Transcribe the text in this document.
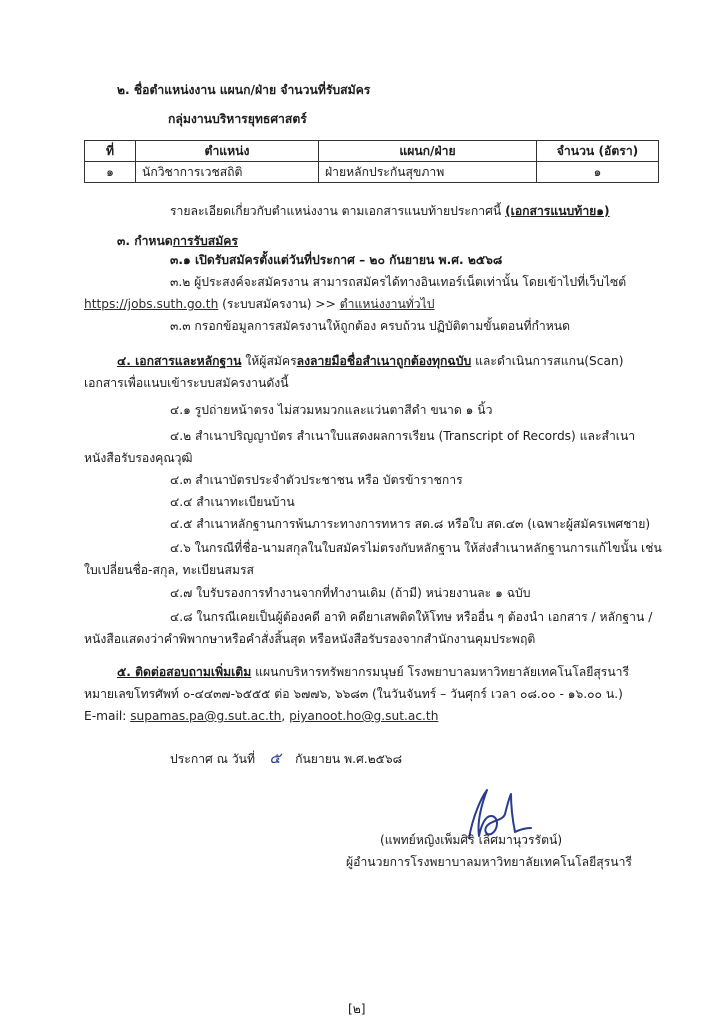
๒. ชื่อตำแหน่งงาน แผนก/ฝ่าย จำนวนที่รับสมัคร
กลุ่มงานบริหารยุทธศาสตร์
ที่	ตำแหน่ง	แผนก/ฝ่าย	จำนวน (อัตรา)
๑	นักวิชาการเวชสถิติ	ฝ่ายหลักประกันสุขภาพ	๑
รายละเอียดเกี่ยวกับตำแหน่งงาน ตามเอกสารแนบท้ายประกาศนี้ (เอกสารแนบท้าย๑)
๓. กำหนดการรับสมัคร
๓.๑ เปิดรับสมัครตั้งแต่วันที่ประกาศ – ๒๐ กันยายน พ.ศ. ๒๕๖๘
๓.๒ ผู้ประสงค์จะสมัครงาน สามารถสมัครได้ทางอินเทอร์เน็ตเท่านั้น โดยเข้าไปที่เว็บไซต์
https://jobs.suth.go.th (ระบบสมัครงาน) >> ตำแหน่งงานทั่วไป
๓.๓ กรอกข้อมูลการสมัครงานให้ถูกต้อง ครบถ้วน ปฏิบัติตามขั้นตอนที่กำหนด
๔. เอกสารและหลักฐาน ให้ผู้สมัครลงลายมือชื่อสำเนาถูกต้องทุกฉบับ และดำเนินการสแกน(Scan)
เอกสารเพื่อแนบเข้าระบบสมัครงานดังนี้
๔.๑ รูปถ่ายหน้าตรง ไม่สวมหมวกและแว่นตาสีดำ ขนาด ๑ นิ้ว
๔.๒ สำเนาปริญญาบัตร สำเนาใบแสดงผลการเรียน (Transcript of Records) และสำเนา
หนังสือรับรองคุณวุฒิ
๔.๓ สำเนาบัตรประจำตัวประชาชน หรือ บัตรข้าราชการ
๔.๔ สำเนาทะเบียนบ้าน
๔.๕ สำเนาหลักฐานการพ้นภาระทางการทหาร สด.๘ หรือใบ สด.๔๓ (เฉพาะผู้สมัครเพศชาย)
๔.๖ ในกรณีที่ชื่อ-นามสกุลในใบสมัครไม่ตรงกับหลักฐาน ให้ส่งสำเนาหลักฐานการแก้ไขนั้น เช่น
ใบเปลี่ยนชื่อ-สกุล, ทะเบียนสมรส
๔.๗ ใบรับรองการทำงานจากที่ทำงานเดิม (ถ้ามี) หน่วยงานละ ๑ ฉบับ
๔.๘ ในกรณีเคยเป็นผู้ต้องคดี อาทิ คดียาเสพติดให้โทษ หรืออื่น ๆ ต้องนำ เอกสาร / หลักฐาน /
หนังสือแสดงว่าคำพิพากษาหรือคำสั่งสิ้นสุด หรือหนังสือรับรองจากสำนักงานคุมประพฤติ
๕. ติดต่อสอบถามเพิ่มเติม แผนกบริหารทรัพยากรมนุษย์ โรงพยาบาลมหาวิทยาลัยเทคโนโลยีสุรนารี
หมายเลขโทรศัพท์ ๐-๔๔๓๗-๖๕๕๕ ต่อ ๖๗๗๖, ๖๖๘๓ (ในวันจันทร์ – วันศุกร์ เวลา ๐๘.๐๐ - ๑๖.๐๐ น.)
E-mail: supamas.pa@g.sut.ac.th, piyanoot.ho@g.sut.ac.th
ประกาศ ณ วันที่ ๕ กันยายน พ.ศ.๒๕๖๘
(แพทย์หญิงเพ็มศิริ เลิศมานุวรรัตน์)
ผู้อำนวยการโรงพยาบาลมหาวิทยาลัยเทคโนโลยีสุรนารี
[๒]
